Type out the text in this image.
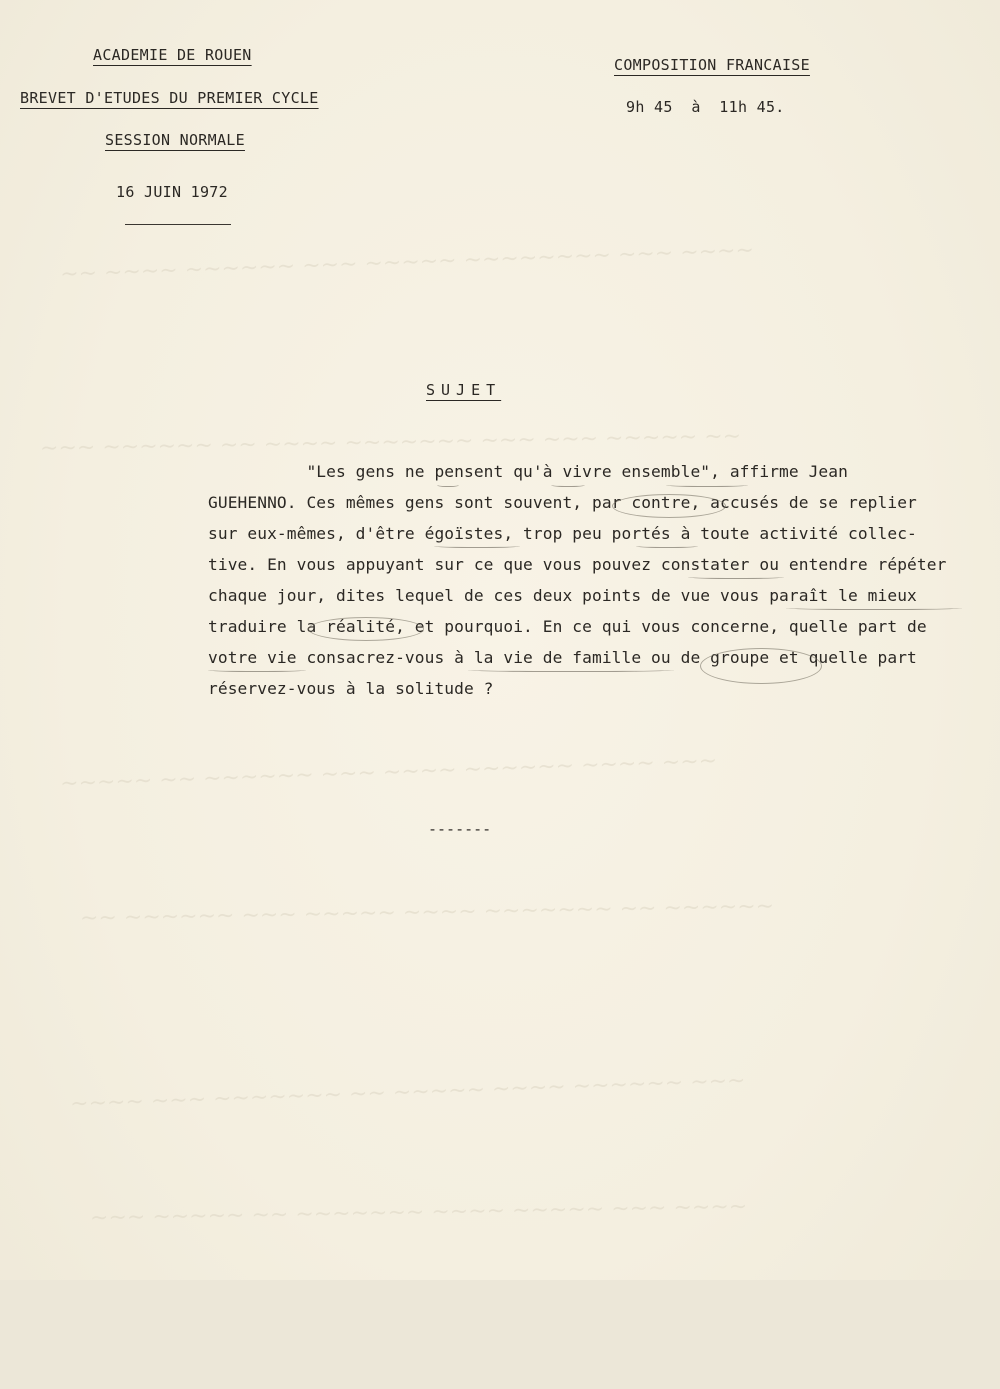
~~ ~~~~ ~~~~~~ ~~~ ~~~~~ ~~~~~~~~ ~~~ ~~~~
~~~ ~~~~~~ ~~ ~~~~ ~~~~~~~ ~~~ ~~~ ~~~~~ ~~
~~~~~ ~~ ~~~~~~ ~~~ ~~~~ ~~~~~~ ~~~~ ~~~
~~ ~~~~~~ ~~~ ~~~~~ ~~~~ ~~~~~~~ ~~ ~~~~~~
~~~~ ~~~ ~~~~~~~ ~~ ~~~~~ ~~~~ ~~~~~~ ~~~
~~~ ~~~~~ ~~ ~~~~~~~ ~~~~ ~~~~~ ~~~ ~~~~
ACADEMIE DE ROUEN
BREVET D'ETUDES DU PREMIER CYCLE
SESSION NORMALE
16 JUIN 1972
COMPOSITION FRANCAISE
9h 45  à  11h 45.
SUJET
"Les gens ne pensent qu'à vivre ensemble", affirme Jean
GUEHENNO. Ces mêmes gens sont souvent, par contre, accusés de se replier
sur eux-mêmes, d'être égoïstes, trop peu portés à toute activité collec-
tive. En vous appuyant sur ce que vous pouvez constater ou entendre répéter
chaque jour, dites lequel de ces deux points de vue vous paraît le mieux
traduire la réalité, et pourquoi. En ce qui vous concerne, quelle part de
votre vie consacrez-vous à la vie de famille ou de groupe et quelle part
réservez-vous à la solitude ?
-------
